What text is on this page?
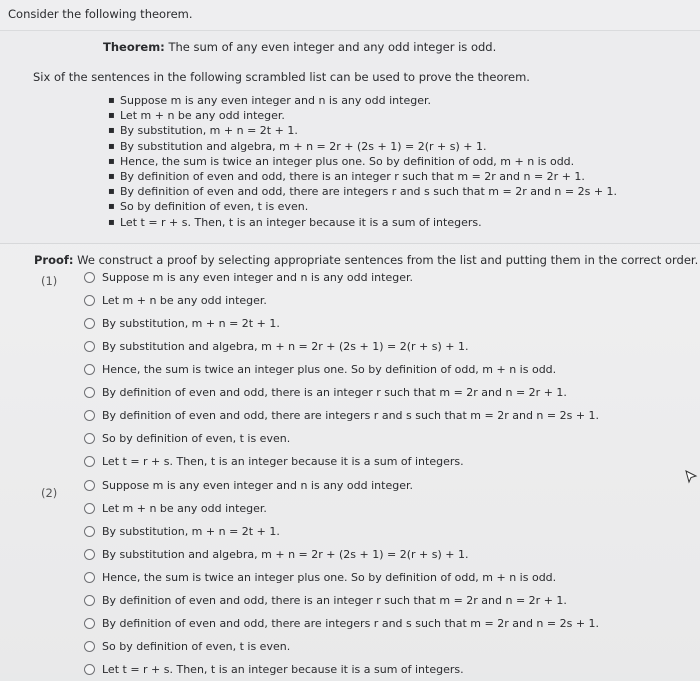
Consider the following theorem.
Theorem: The sum of any even integer and any odd integer is odd.
Six of the sentences in the following scrambled list can be used to prove the theorem.
▪ Suppose m is any even integer and n is any odd integer.
▪ Let m + n be any odd integer.
▪ By substitution, m + n = 2t + 1.
▪ By substitution and algebra, m + n = 2r + (2s + 1) = 2(r + s) + 1.
▪ Hence, the sum is twice an integer plus one. So by definition of odd, m + n is odd.
▪ By definition of even and odd, there is an integer r such that m = 2r and n = 2r + 1.
▪ By definition of even and odd, there are integers r and s such that m = 2r and n = 2s + 1.
▪ So by definition of even, t is even.
▪ Let t = r + s. Then, t is an integer because it is a sum of integers.
Proof: We construct a proof by selecting appropriate sentences from the list and putting them in the correct order.
(1)	Suppose m is any even integer and n is any odd integer.
Let m + n be any odd integer.
By substitution, m + n = 2t + 1.
By substitution and algebra, m + n = 2r + (2s + 1) = 2(r + s) + 1.
Hence, the sum is twice an integer plus one. So by definition of odd, m + n is odd.
By definition of even and odd, there is an integer r such that m = 2r and n = 2r + 1.
By definition of even and odd, there are integers r and s such that m = 2r and n = 2s + 1.
So by definition of even, t is even.
Let t = r + s. Then, t is an integer because it is a sum of integers.
(2)
Suppose m is any even integer and n is any odd integer.
Let m + n be any odd integer.
By substitution, m + n = 2t + 1.
By substitution and algebra, m + n = 2r + (2s + 1) = 2(r + s) + 1.
Hence, the sum is twice an integer plus one. So by definition of odd, m + n is odd.
By definition of even and odd, there is an integer r such that m = 2r and n = 2r + 1.
By definition of even and odd, there are integers r and s such that m = 2r and n = 2s + 1.
So by definition of even, t is even.
Let t = r + s. Then, t is an integer because it is a sum of integers.
